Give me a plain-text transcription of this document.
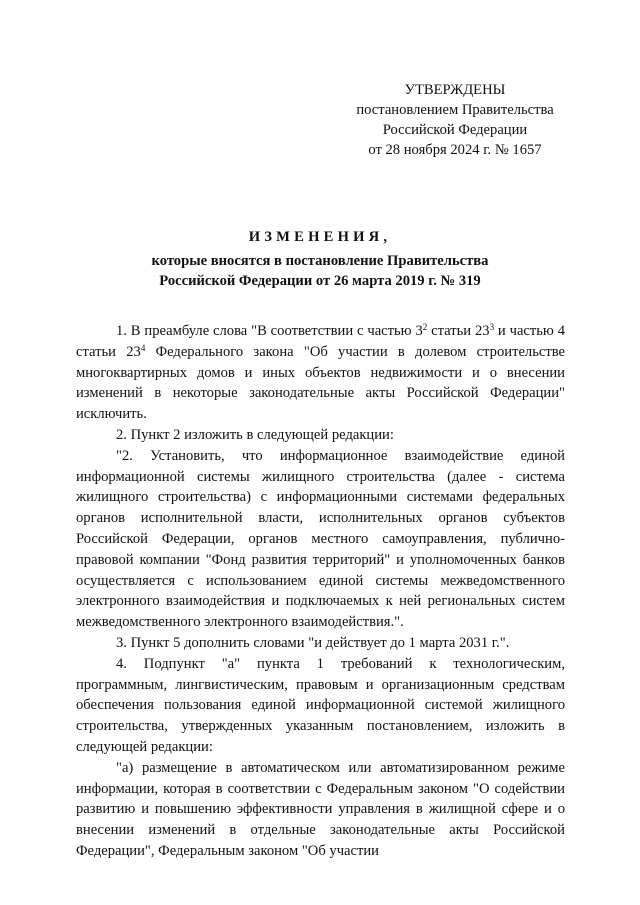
УТВЕРЖДЕНЫ
постановлением Правительства
Российской Федерации
от 28 ноября 2024 г. № 1657
ИЗМЕНЕНИЯ,
которые вносятся в постановление Правительства
Российской Федерации от 26 марта 2019 г. № 319

1. В преамбуле слова "В соответствии с частью $3^2$ статьи $23^3$ и частью 4 статьи $23^4$ Федерального закона "Об участии в долевом строительстве многоквартирных домов и иных объектов недвижимости и о внесении изменений в некоторые законодательные акты Российской Федерации" исключить.

2. Пункт 2 изложить в следующей редакции:

"2. Установить, что информационное взаимодействие единой информационной системы жилищного строительства (далее - система жилищного строительства) с информационными системами федеральных органов исполнительной власти, исполнительных органов субъектов Российской Федерации, органов местного самоуправления, публично-правовой компании "Фонд развития территорий" и уполномоченных банков осуществляется с использованием единой системы межведомственного электронного взаимодействия и подключаемых к ней региональных систем межведомственного электронного взаимодействия.".

3. Пункт 5 дополнить словами "и действует до 1 марта 2031 г.".

4. Подпункт "а" пункта 1 требований к технологическим, программным, лингвистическим, правовым и организационным средствам обеспечения пользования единой информационной системой жилищного строительства, утвержденных указанным постановлением, изложить в следующей редакции:

"а) размещение в автоматическом или автоматизированном режиме информации, которая в соответствии с Федеральным законом "О содействии развитию и повышению эффективности управления в жилищной сфере и о внесении изменений в отдельные законодательные акты Российской Федерации", Федеральным законом "Об участии
